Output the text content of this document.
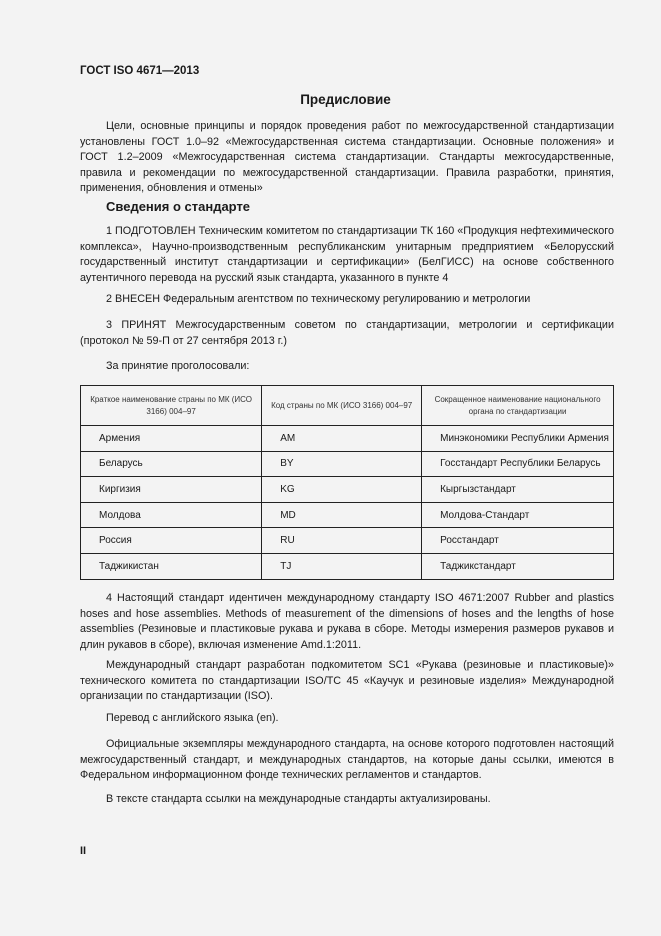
ГОСТ ISO 4671—2013
Предисловие

Цели, основные принципы и порядок проведения работ по межгосударственной стандартизации установлены ГОСТ 1.0–92 «Межгосударственная система стандартизации. Основные положения» и ГОСТ 1.2–2009 «Межгосударственная система стандартизации. Стандарты межгосударственные, правила и рекомендации по межгосударственной стандартизации. Правила разработки, принятия, применения, обновления и отмены»

Сведения о стандарте

1 ПОДГОТОВЛЕН Техническим комитетом по стандартизации ТК 160 «Продукция нефтехимического комплекса», Научно-производственным республиканским унитарным предприятием «Белорусский государственный институт стандартизации и сертификации» (БелГИСС) на основе собственного аутентичного перевода на русский язык стандарта, указанного в пункте 4

2 ВНЕСЕН Федеральным агентством по техническому регулированию и метрологии

3 ПРИНЯТ Межгосударственным советом по стандартизации, метрологии и сертификации (протокол № 59-П от 27 сентября 2013 г.)

За принятие проголосовали:

Краткое наименование страны по МК (ИСО 3166) 004–97	Код страны по МК (ИСО 3166) 004–97	Сокращенное наименование национального органа по стандартизации
Армения	AM	Минэкономики Республики Армения
Беларусь	BY	Госстандарт Республики Беларусь
Киргизия	KG	Кыргызстандарт
Молдова	MD	Молдова-Стандарт
Россия	RU	Росстандарт
Таджикистан	TJ	Таджикстандарт

4 Настоящий стандарт идентичен международному стандарту ISO 4671:2007 Rubber and plastics hoses and hose assemblies. Methods of measurement of the dimensions of hoses and the lengths of hose assemblies (Резиновые и пластиковые рукава и рукава в сборе. Методы измерения размеров рукавов и длин рукавов в сборе), включая изменение Amd.1:2011.

Международный стандарт разработан подкомитетом SC1 «Рукава (резиновые и пластиковые)» технического комитета по стандартизации ISO/TC 45 «Каучук и резиновые изделия» Международной организации по стандартизации (ISO).

Перевод с английского языка (en).

Официальные экземпляры международного стандарта, на основе которого подготовлен настоящий межгосударственный стандарт, и международных стандартов, на которые даны ссылки, имеются в Федеральном информационном фонде технических регламентов и стандартов.

В тексте стандарта ссылки на международные стандарты актуализированы.

II
